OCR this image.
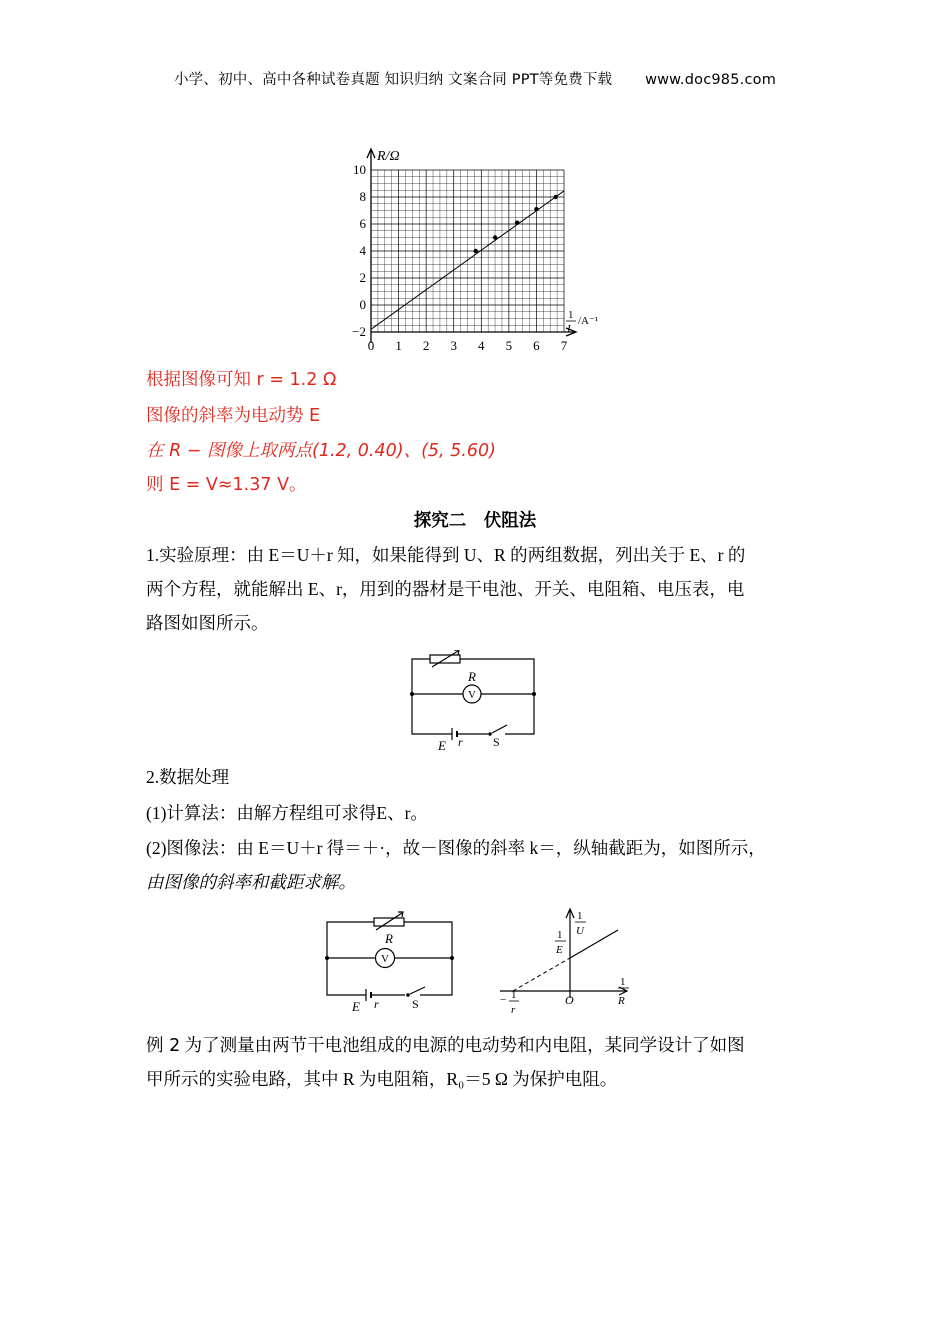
小学、初中、高中各种试卷真题 知识归纳 文案合同 PPT等免费下载 www.doc985.com
0 1 2 3 4 5 6 7
10
8
6
4
2
0
−2
R/Ω
1
I
/A⁻¹
根据图像可知 r = 1.2 Ω
图像的斜率为电动势 E
在 R − 图像上取两点(1.2, 0.40)、(5, 5.60)
则 E = V≈1.37 V。
探究二　伏阻法
1.实验原理：由 E＝U＋r 知，如果能得到 U、R 的两组数据，列出关于 E、r 的
两个方程，就能解出 E、r，用到的器材是干电池、开关、电阻箱、电压表，电
路图如图所示。
R
V
E r	S
2.数据处理
(1)计算法：由解方程组可求得E、r。
(2)图像法：由 E＝U＋r 得＝＋·，故－图像的斜率 k＝，纵轴截距为，如图所示，
由图像的斜率和截距求解。
R
V
E r	S
1
U
1
R
1
E
− 1
r
O
例 2 为了测量由两节干电池组成的电源的电动势和内电阻，某同学设计了如图
甲所示的实验电路，其中 R 为电阻箱，R₀＝5 Ω 为保护电阻。
